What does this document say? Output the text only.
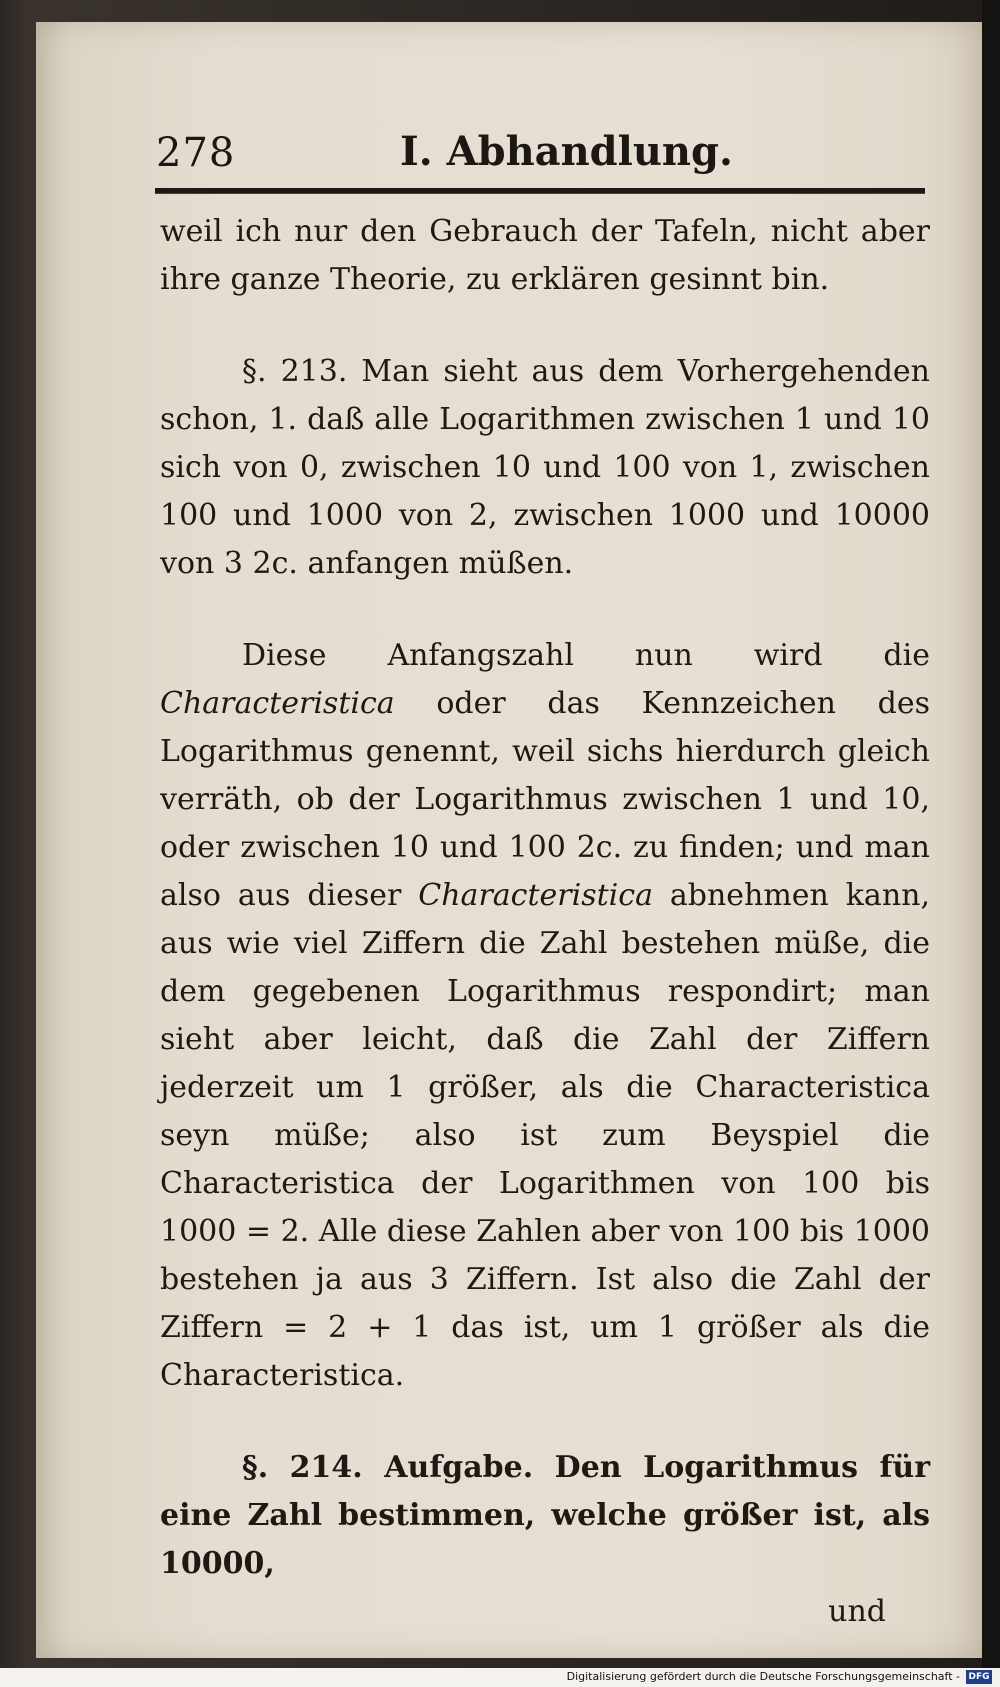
278	I. Abhandlung.

weil ich nur den Gebrauch der Tafeln, nicht aber ihre ganze Theorie, zu erklären gesinnt bin.

§. 213. Man sieht aus dem Vorhergehenden schon, 1. daß alle Logarithmen zwischen 1 und 10 sich von 0, zwischen 10 und 100 von 1, zwischen 100 und 1000 von 2, zwischen 1000 und 10000 von 3 2c. anfangen müßen.

Diese Anfangszahl nun wird die Characteristica oder das Kennzeichen des Logarithmus genennt, weil sichs hierdurch gleich verräth, ob der Logarithmus zwischen 1 und 10, oder zwischen 10 und 100 2c. zu finden; und man also aus dieser Characteristica abnehmen kann, aus wie viel Ziffern die Zahl bestehen müße, die dem gegebenen Logarithmus respondirt; man sieht aber leicht, daß die Zahl der Ziffern jederzeit um 1 größer, als die Characteristica seyn müße; also ist zum Beyspiel die Characteristica der Logarithmen von 100 bis 1000 = 2. Alle diese Zahlen aber von 100 bis 1000 bestehen ja aus 3 Ziffern. Ist also die Zahl der Ziffern = 2 + 1 das ist, um 1 größer als die Characteristica.

§. 214. Aufgabe. Den Logarithmus für eine Zahl bestimmen, welche größer ist, als 10000,

und

Digitalisierung gefördert durch die Deutsche Forschungsgemeinschaft - DFG
